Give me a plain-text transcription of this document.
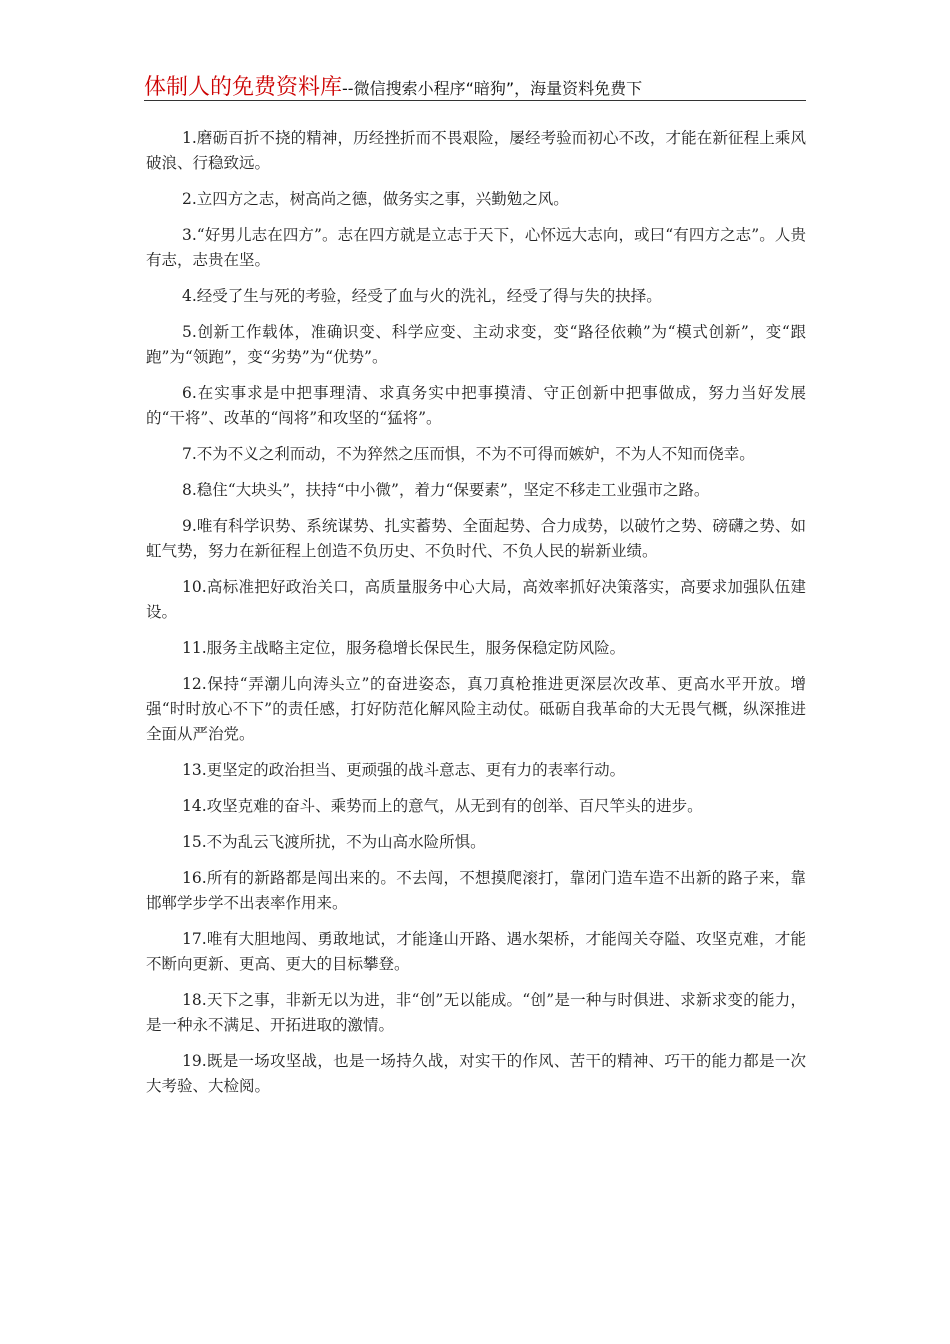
体制人的免费资料库--微信搜索小程序“暗狗”，海量资料免费下

1.磨砺百折不挠的精神，历经挫折而不畏艰险，屡经考验而初心不改，才能在新征程上乘风破浪、行稳致远。

2.立四方之志，树高尚之德，做务实之事，兴勤勉之风。

3.“好男儿志在四方”。志在四方就是立志于天下，心怀远大志向，或曰“有四方之志”。人贵有志，志贵在坚。

4.经受了生与死的考验，经受了血与火的洗礼，经受了得与失的抉择。

5.创新工作载体，准确识变、科学应变、主动求变，变“路径依赖”为“模式创新”，变“跟跑”为“领跑”，变“劣势”为“优势”。

6.在实事求是中把事理清、求真务实中把事摸清、守正创新中把事做成，努力当好发展的“干将”、改革的“闯将”和攻坚的“猛将”。

7.不为不义之利而动，不为猝然之压而惧，不为不可得而嫉妒，不为人不知而侥幸。

8.稳住“大块头”，扶持“中小微”，着力“保要素”，坚定不移走工业强市之路。

9.唯有科学识势、系统谋势、扎实蓄势、全面起势、合力成势，以破竹之势、磅礴之势、如虹气势，努力在新征程上创造不负历史、不负时代、不负人民的崭新业绩。

10.高标准把好政治关口，高质量服务中心大局，高效率抓好决策落实，高要求加强队伍建设。

11.服务主战略主定位，服务稳增长保民生，服务保稳定防风险。

12.保持“弄潮儿向涛头立”的奋进姿态，真刀真枪推进更深层次改革、更高水平开放。增强“时时放心不下”的责任感，打好防范化解风险主动仗。砥砺自我革命的大无畏气概，纵深推进全面从严治党。

13.更坚定的政治担当、更顽强的战斗意志、更有力的表率行动。

14.攻坚克难的奋斗、乘势而上的意气，从无到有的创举、百尺竿头的进步。

15.不为乱云飞渡所扰，不为山高水险所惧。

16.所有的新路都是闯出来的。不去闯，不想摸爬滚打，靠闭门造车造不出新的路子来，靠邯郸学步学不出表率作用来。

17.唯有大胆地闯、勇敢地试，才能逢山开路、遇水架桥，才能闯关夺隘、攻坚克难，才能不断向更新、更高、更大的目标攀登。

18.天下之事，非新无以为进，非“创”无以能成。“创”是一种与时俱进、求新求变的能力，是一种永不满足、开拓进取的激情。

19.既是一场攻坚战，也是一场持久战，对实干的作风、苦干的精神、巧干的能力都是一次大考验、大检阅。
